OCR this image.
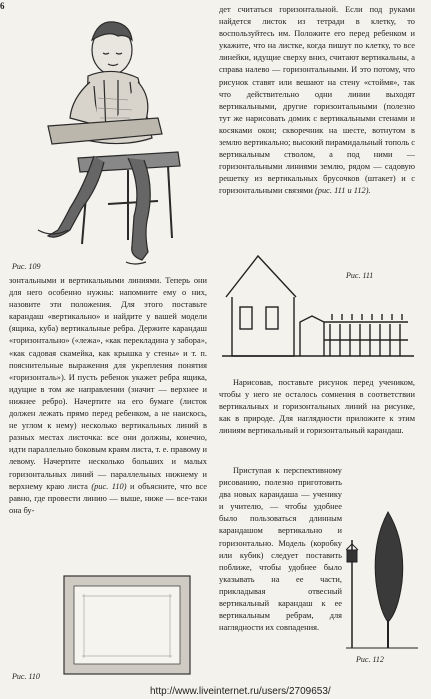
6
Рис. 109

дет считаться горизонтальной. Если под руками найдется листок из тетради в клетку, то воспользуйтесь им. Положите его перед ребенком и укажите, что на листке, когда пишут по клетку, то все линейки, идущие сверху вниз, считают вертикальны, а справа налево — горизонтальными. И это потому, что рисунок ставят или вешают на стену «стоймя», так что действительно одни линии выходят вертикальными, другие горизонтальными (полезно тут же нарисовать домик с вертикальными стенами и косяками окон; скворечник на шесте, вотнутом в землю вертикально; высокий пирамидальный тополь с вертикальным стволом, а под ними — горизонтальными линиями землю, рядом — садовую решетку из вертикальных брусочков (штакет) и с горизонтальными связями (рис. 111 и 112).

Рис. 111

зонтальными и вертикальными линиями. Теперь они для него особенно нужны: напомните ему о них, назовите эти положения. Для этого поставьте карандаш «вертикально» и найдите у вашей модели (ящика, куба) вертикальные ребра. Держите карандаш «горизонтально» («лежа», «как перекладина у забора», «как садовая скамейка, как крышка у стены» и т. п. пояснительные выражения для укрепления понятия «горизонталь»). И пусть ребенок укажет ребра ящика, идущие в том же направлении (значит — верхнее и нижнее ребро). Начертите на его бумаге (листок должен лежать прямо перед ребенком, а не наискось, не углом к нему) несколько вертикальных линий в разных местах листочка: все они должны, конечно, идти параллельно боковым краям листа, т. е. правому и левому. Начертите несколько больших и малых горизонтальных линий — параллельных нижнему и верхнему краю листа (рис. 110) и объясните, что все равно, где провести линию — выше, ниже — все-таки она бу-

Нарисовав, поставьте рисунок перед учеником, чтобы у него не осталось сомнения в соответствии вертикальных и горизонтальных линий на рисунке, как в природе. Для наглядности приложите к этим линиям вертикальный и горизонтальный карандаш.

Приступая к перспективному рисованию, полезно приготовить два новых карандаша — ученику и учителю, — чтобы удобнее было пользоваться длинным карандашом вертикально и горизонтально. Модель (коробку или кубик) следует поставить поближе, чтобы удобнее было указывать на ее части, прикладывая отвесный вертикальный карандаш к ее вертикальным ребрам, для наглядности их совпадения.

Рис. 112
Рис. 110
http://www.liveinternet.ru/users/2709653/
